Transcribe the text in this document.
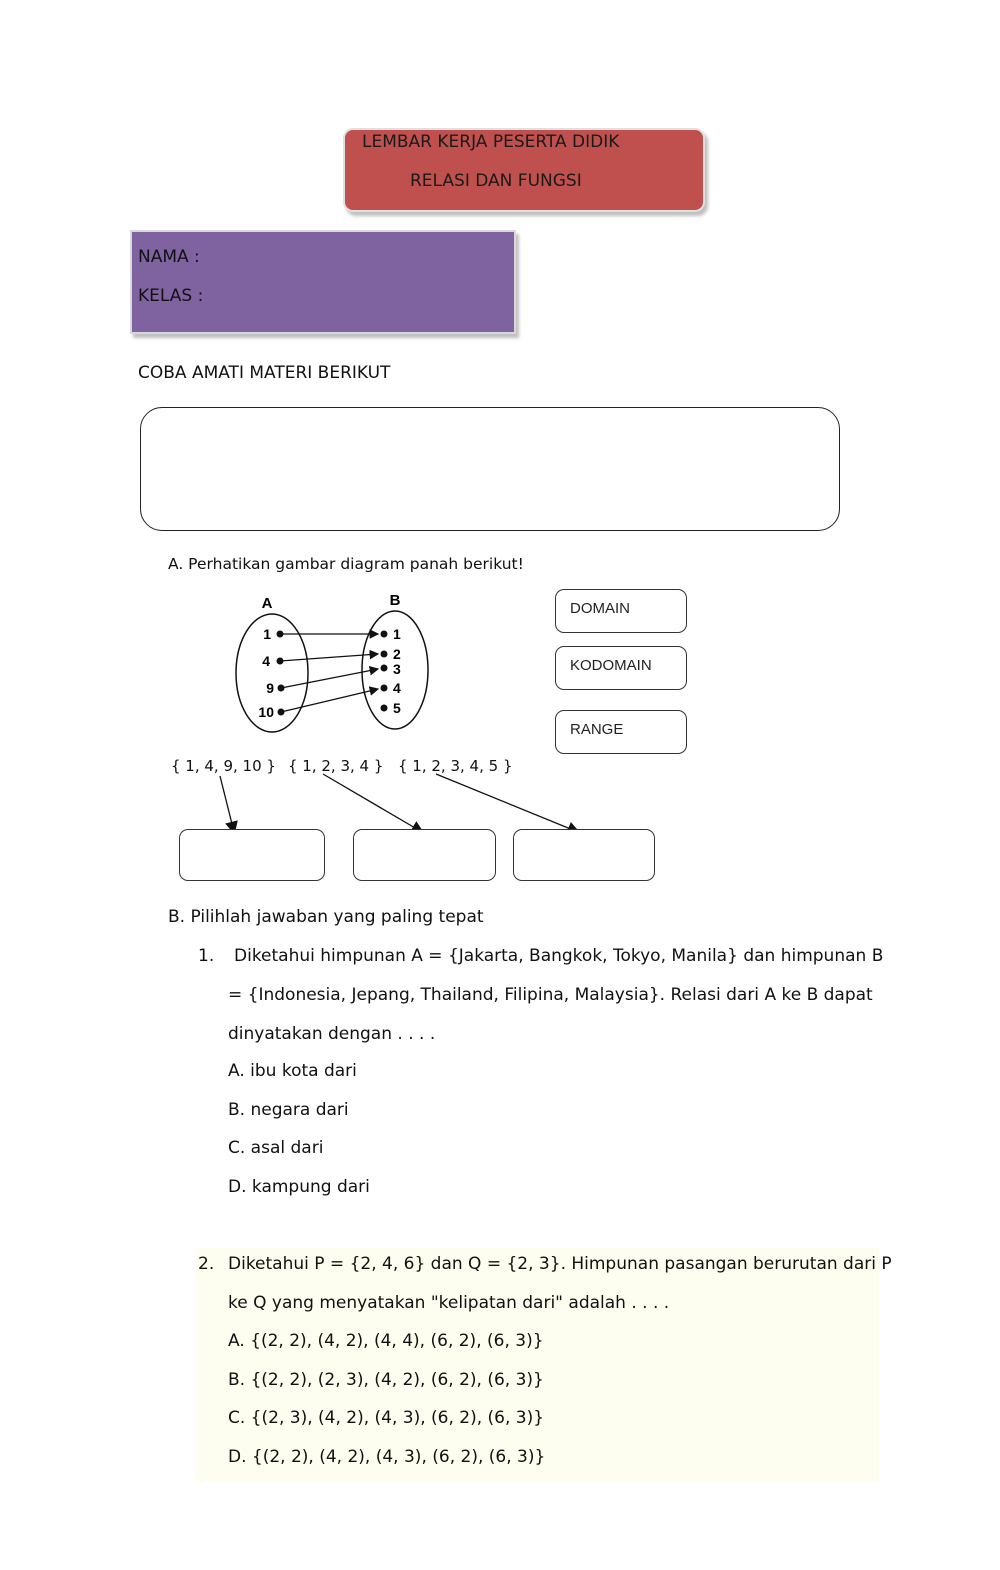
LEMBAR KERJA PESERTA DIDIK
RELASI DAN FUNGSI
NAMA :
KELAS :
COBA AMATI MATERI BERIKUT
A. Perhatikan gambar diagram panah berikut!
A	B
1
4
9
10
1
2
3
4
5
DOMAIN
KODOMAIN
RANGE
{ 1, 4, 9, 10 } { 1, 2, 3, 4 } { 1, 2, 3, 4, 5 }
B. Pilihlah jawaban yang paling tepat
1. Diketahui himpunan A = {Jakarta, Bangkok, Tokyo, Manila} dan himpunan B
= {Indonesia, Jepang, Thailand, Filipina, Malaysia}. Relasi dari A ke B dapat
dinyatakan dengan . . . .
A. ibu kota dari
B. negara dari
C. asal dari
D. kampung dari
2. Diketahui P = {2, 4, 6} dan Q = {2, 3}. Himpunan pasangan berurutan dari P
ke Q yang menyatakan "kelipatan dari" adalah . . . .
A. {(2, 2), (4, 2), (4, 4), (6, 2), (6, 3)}
B. {(2, 2), (2, 3), (4, 2), (6, 2), (6, 3)}
C. {(2, 3), (4, 2), (4, 3), (6, 2), (6, 3)}
D. {(2, 2), (4, 2), (4, 3), (6, 2), (6, 3)}
